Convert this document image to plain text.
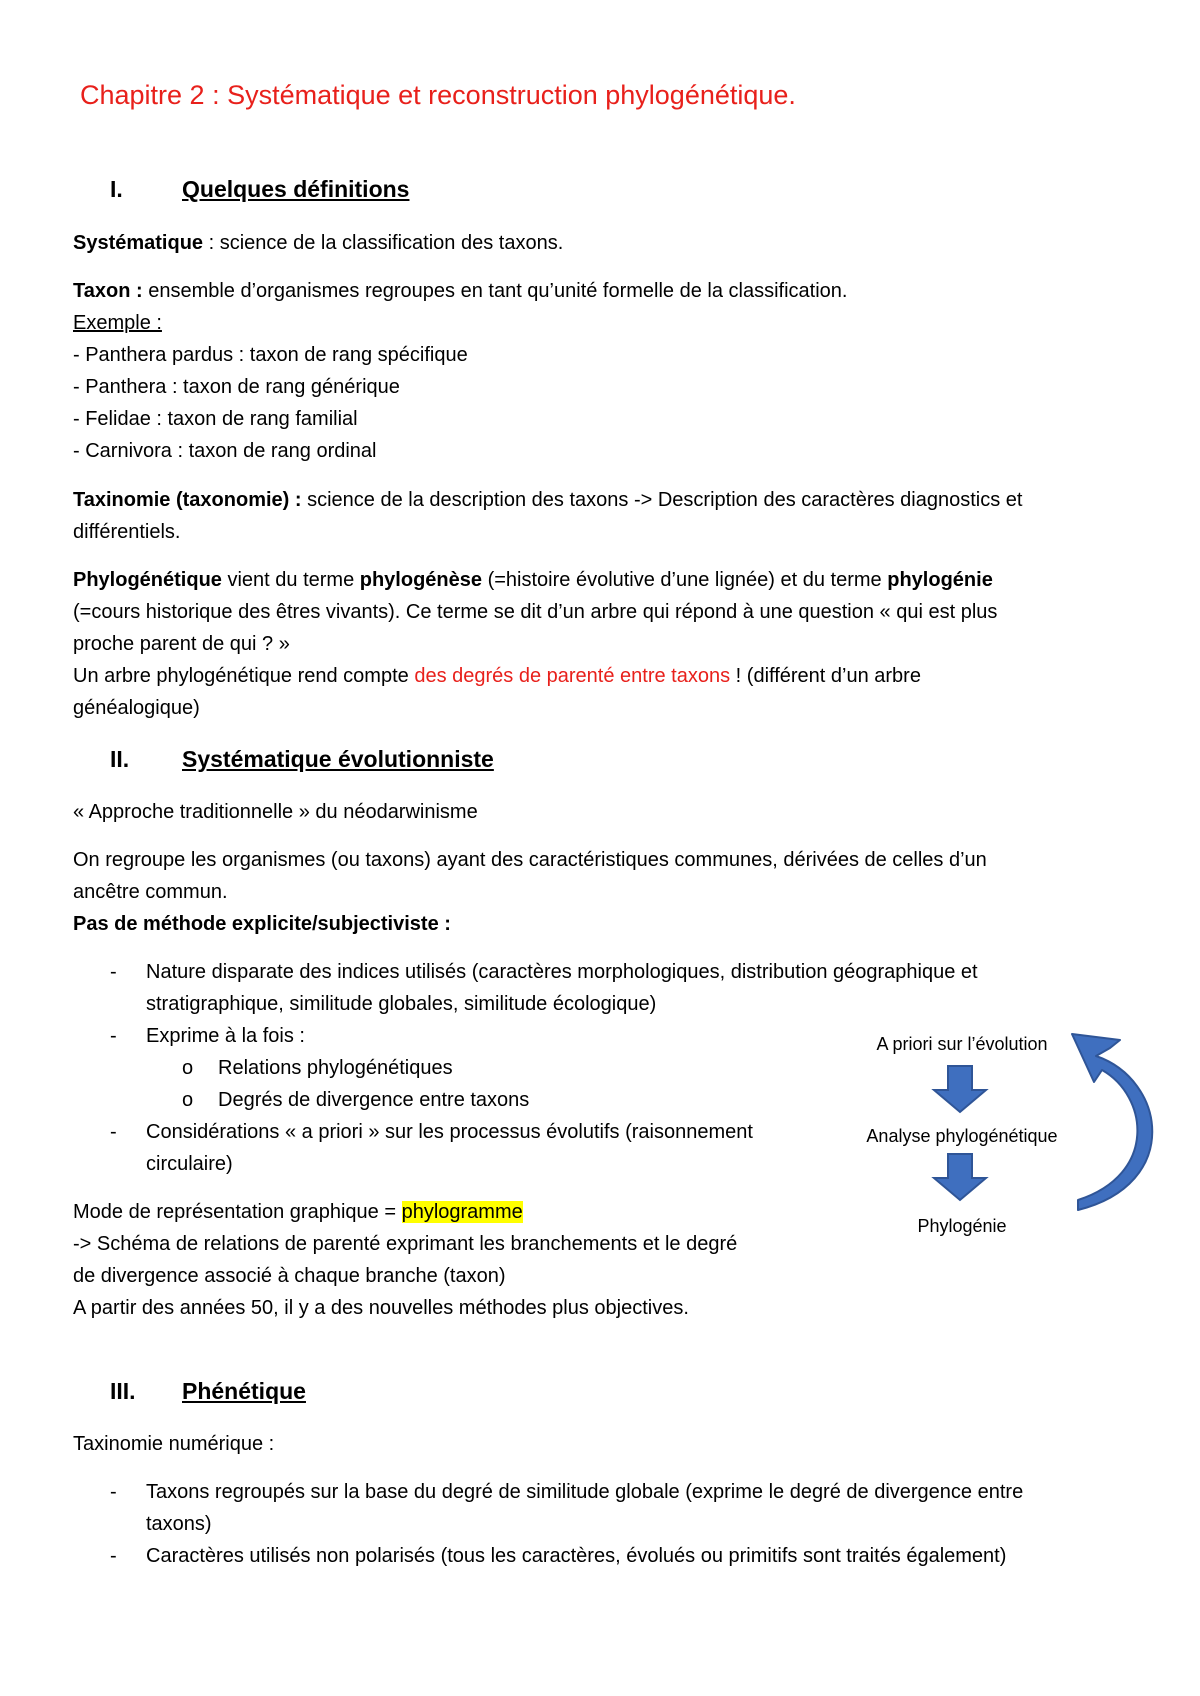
Chapitre 2 : Systématique et reconstruction phylogénétique.
I.	Quelques définitions
Systématique : science de la classification des taxons.
Taxon : ensemble d’organismes regroupes en tant qu’unité formelle de la classification.
Exemple :
- Panthera pardus : taxon de rang spécifique
- Panthera : taxon de rang générique
- Felidae : taxon de rang familial
- Carnivora : taxon de rang ordinal
Taxinomie (taxonomie) : science de la description des taxons -> Description des caractères diagnostics et
différentiels.
Phylogénétique vient du terme phylogénèse (=histoire évolutive d’une lignée) et du terme phylogénie
(=cours historique des êtres vivants). Ce terme se dit d’un arbre qui répond à une question « qui est plus
proche parent de qui ? »
Un arbre phylogénétique rend compte des degrés de parenté entre taxons ! (différent d’un arbre
généalogique)
II. Systématique évolutionniste
« Approche traditionnelle » du néodarwinisme
On regroupe les organismes (ou taxons) ayant des caractéristiques communes, dérivées de celles d’un
ancêtre commun.
Pas de méthode explicite/subjectiviste :
- Nature disparate des indices utilisés (caractères morphologiques, distribution géographique et
stratigraphique, similitude globales, similitude écologique)
- Exprime à la fois :
o Relations phylogénétiques
o Degrés de divergence entre taxons
- Considérations « a priori » sur les processus évolutifs (raisonnement
circulaire)
Mode de représentation graphique = phylogramme
-> Schéma de relations de parenté exprimant les branchements et le degré
de divergence associé à chaque branche (taxon)
A partir des années 50, il y a des nouvelles méthodes plus objectives.
A priori sur l’évolution
Analyse phylogénétique
Phylogénie
III. Phénétique
Taxinomie numérique :
- Taxons regroupés sur la base du degré de similitude globale (exprime le degré de divergence entre
taxons)
- Caractères utilisés non polarisés (tous les caractères, évolués ou primitifs sont traités également)
